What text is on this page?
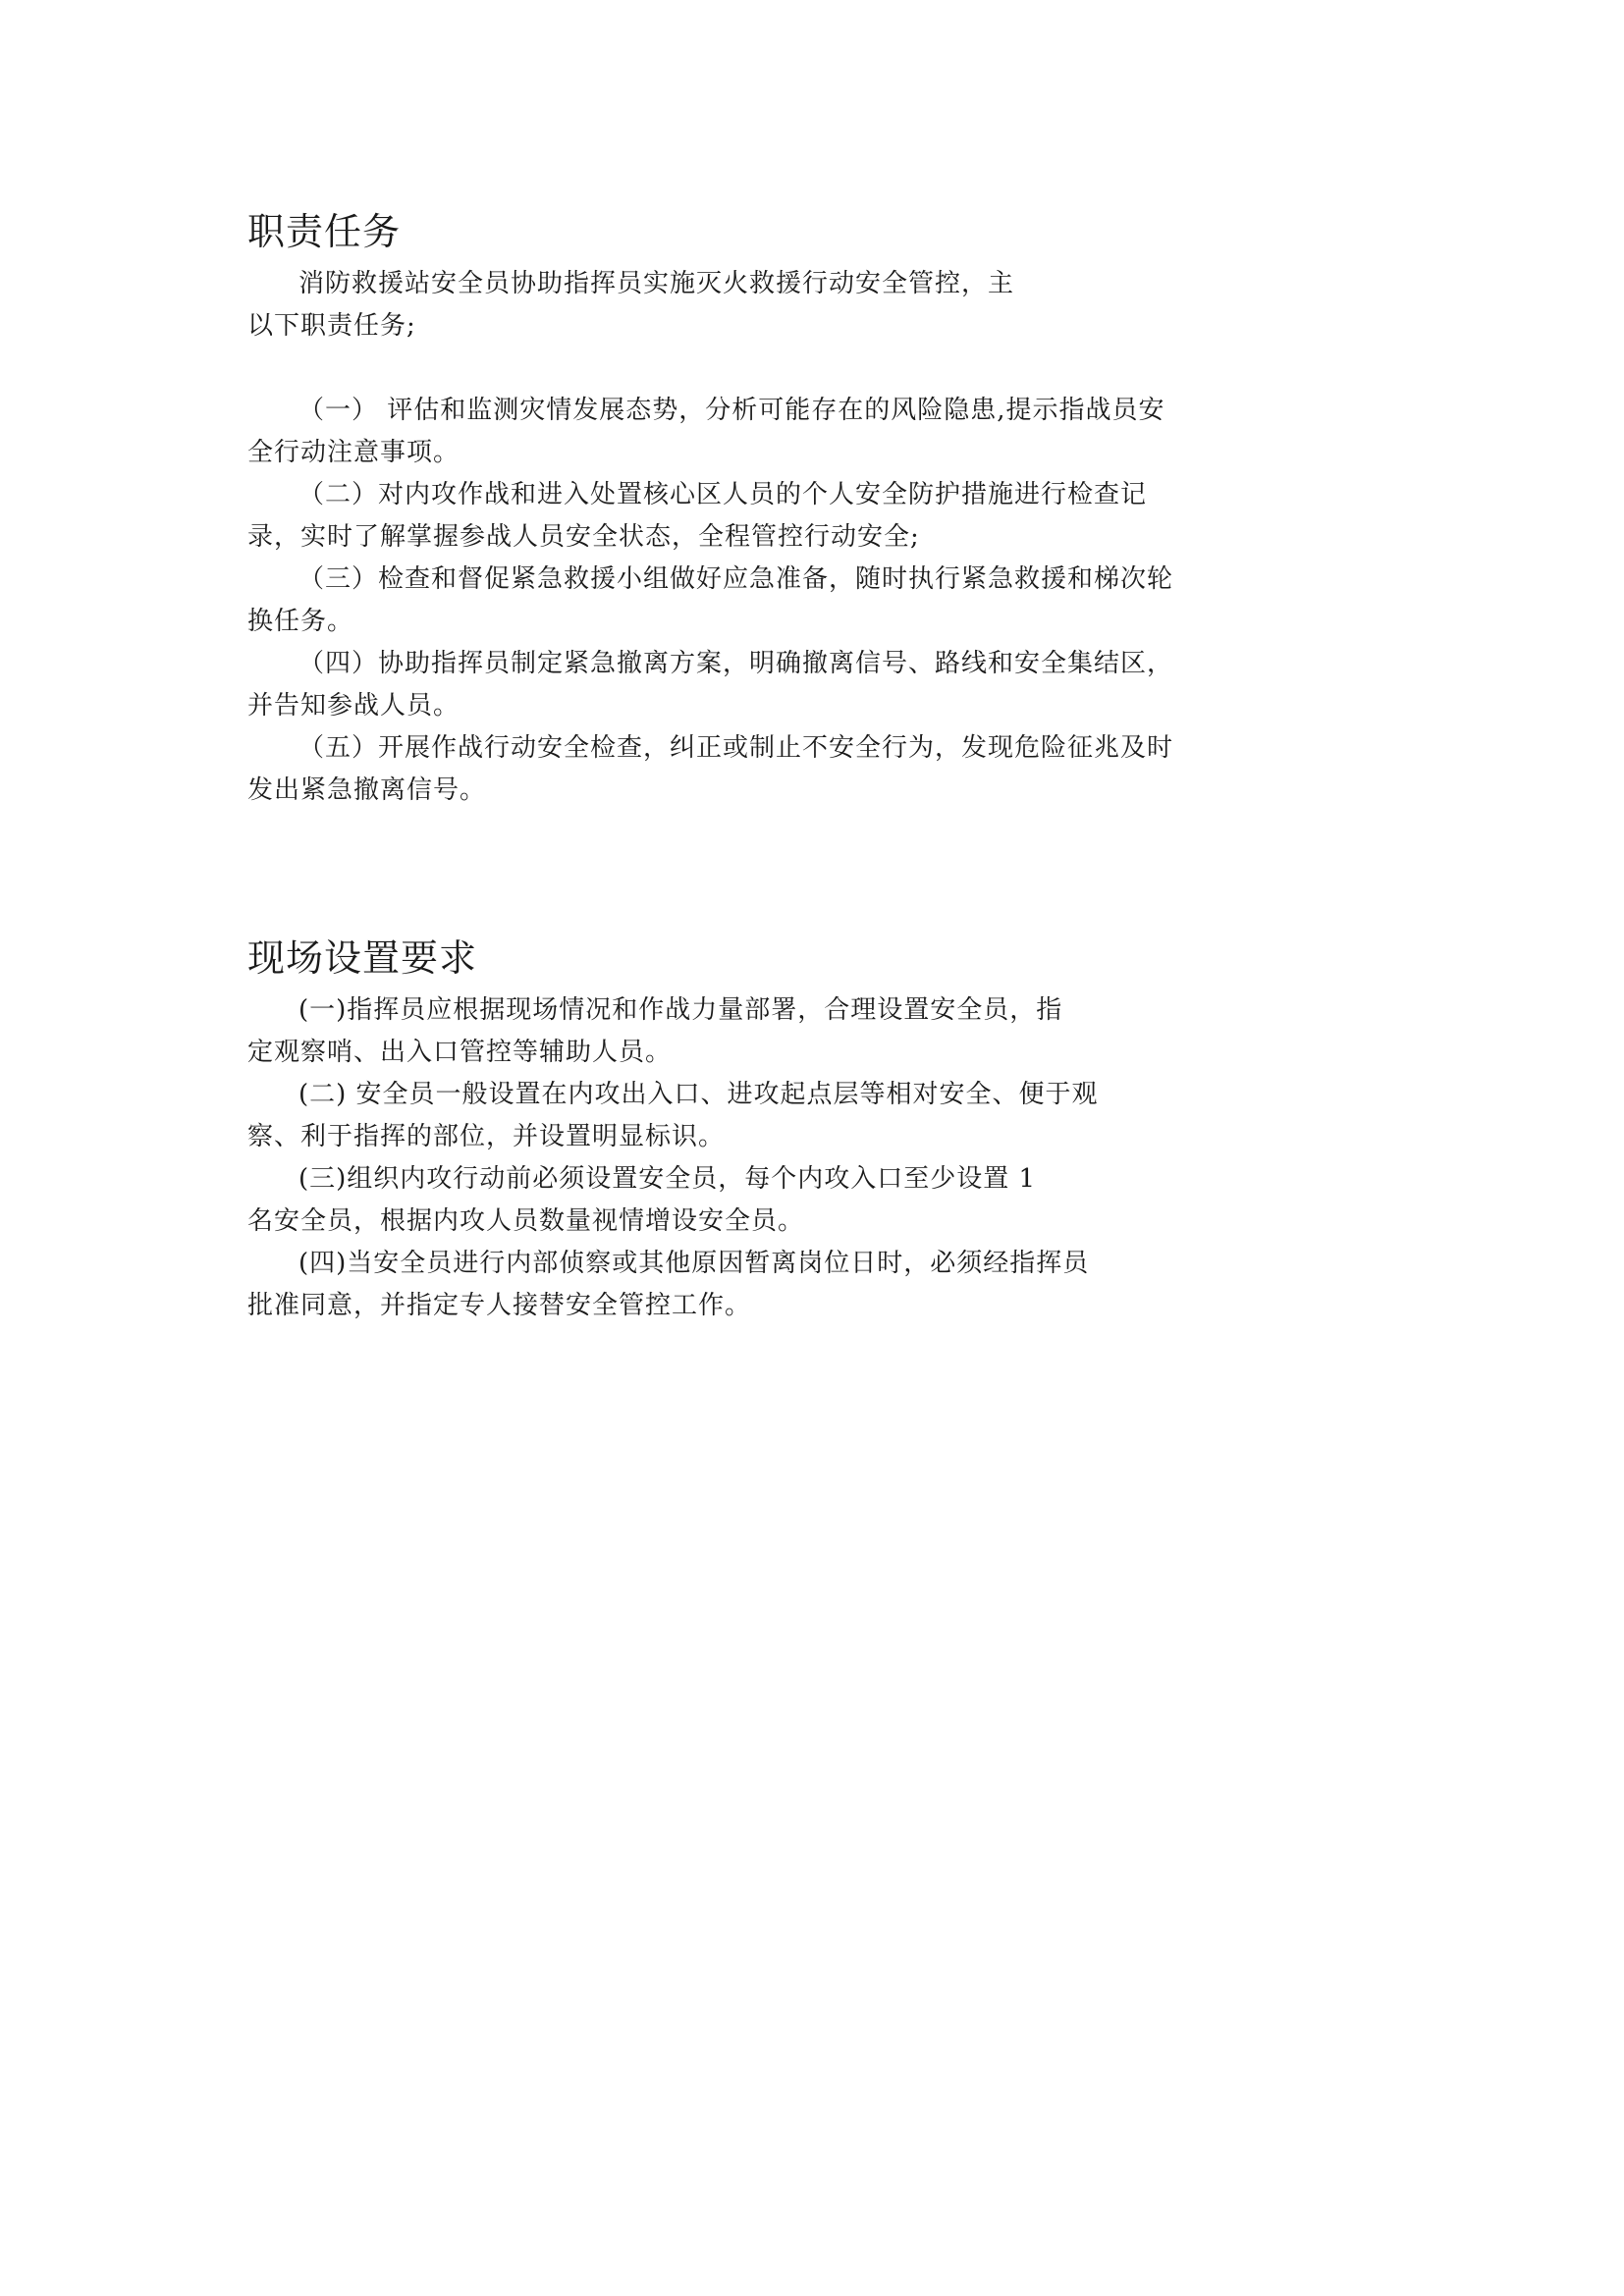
职责任务

消防救援站安全员协助指挥员实施灭火救援行动安全管控，主

以下职责任务;

（一） 评估和监测灾情发展态势，分析可能存在的风险隐患,提示指战员安全行动注意事项。

（二）对内攻作战和进入处置核心区人员的个人安全防护措施进行检查记录，实时了解掌握参战人员安全状态，全程管控行动安全;

（三）检查和督促紧急救援小组做好应急准备，随时执行紧急救援和梯次轮换任务。

（四）协助指挥员制定紧急撤离方案，明确撤离信号、路线和安全集结区，并告知参战人员。

（五）开展作战行动安全检查，纠正或制止不安全行为，发现危险征兆及时发出紧急撤离信号。

现场设置要求

(一)指挥员应根据现场情况和作战力量部署，合理设置安全员，指

定观察哨、出入口管控等辅助人员。

(二) 安全员一般设置在内攻出入口、进攻起点层等相对安全、便于观

察、利于指挥的部位，并设置明显标识。

(三)组织内攻行动前必须设置安全员，每个内攻入口至少设置 1

名安全员，根据内攻人员数量视情增设安全员。

(四)当安全员进行内部侦察或其他原因暂离岗位日时，必须经指挥员

批准同意，并指定专人接替安全管控工作。
